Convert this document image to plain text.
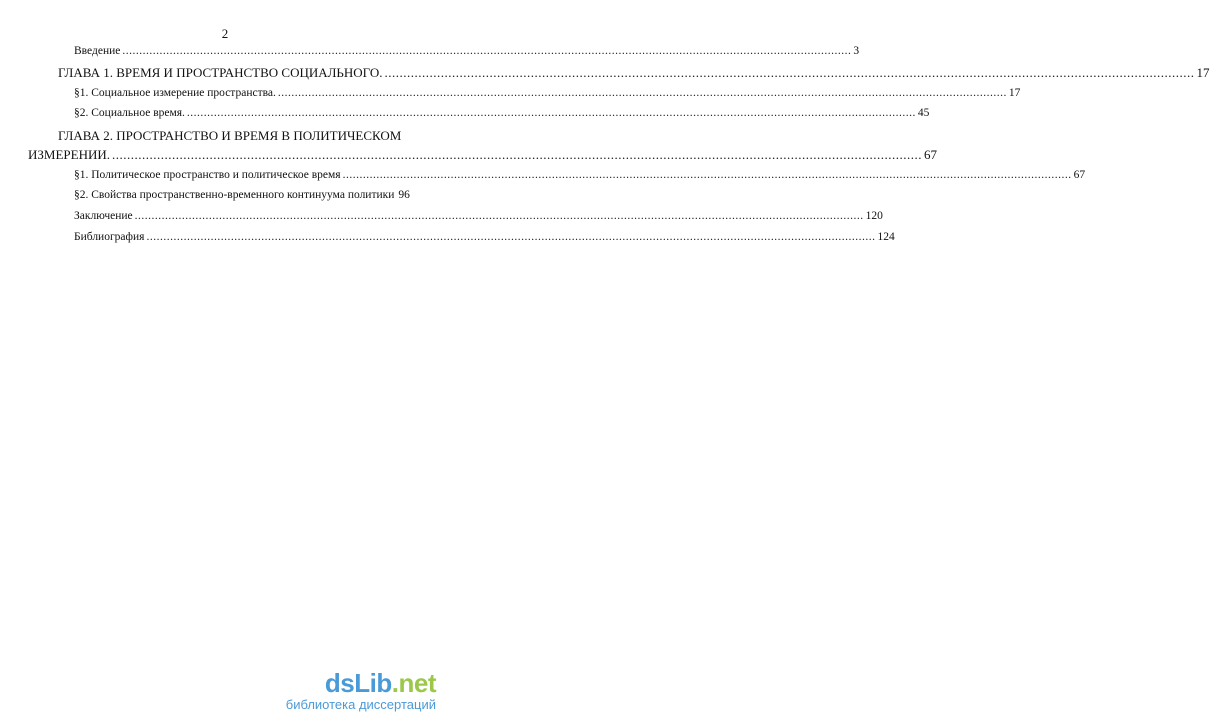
2
Введение .....	3
ГЛАВА 1. ВРЕМЯ И ПРОСТРАНСТВО СОЦИАЛЬНОГО. .....	17
§1. Социальное измерение пространства. .....	17
§2. Социальное время. .....	45
ГЛАВА 2. ПРОСТРАНСТВО И ВРЕМЯ В ПОЛИТИЧЕСКОМ
ИЗМЕРЕНИИ. .....	67
§1. Политическое пространство и политическое время .....	67
§2. Свойства пространственно-временного континуума политики 96
Заключение .....	120
Библиография .....	124
dsLib.net
библиотека диссертаций
